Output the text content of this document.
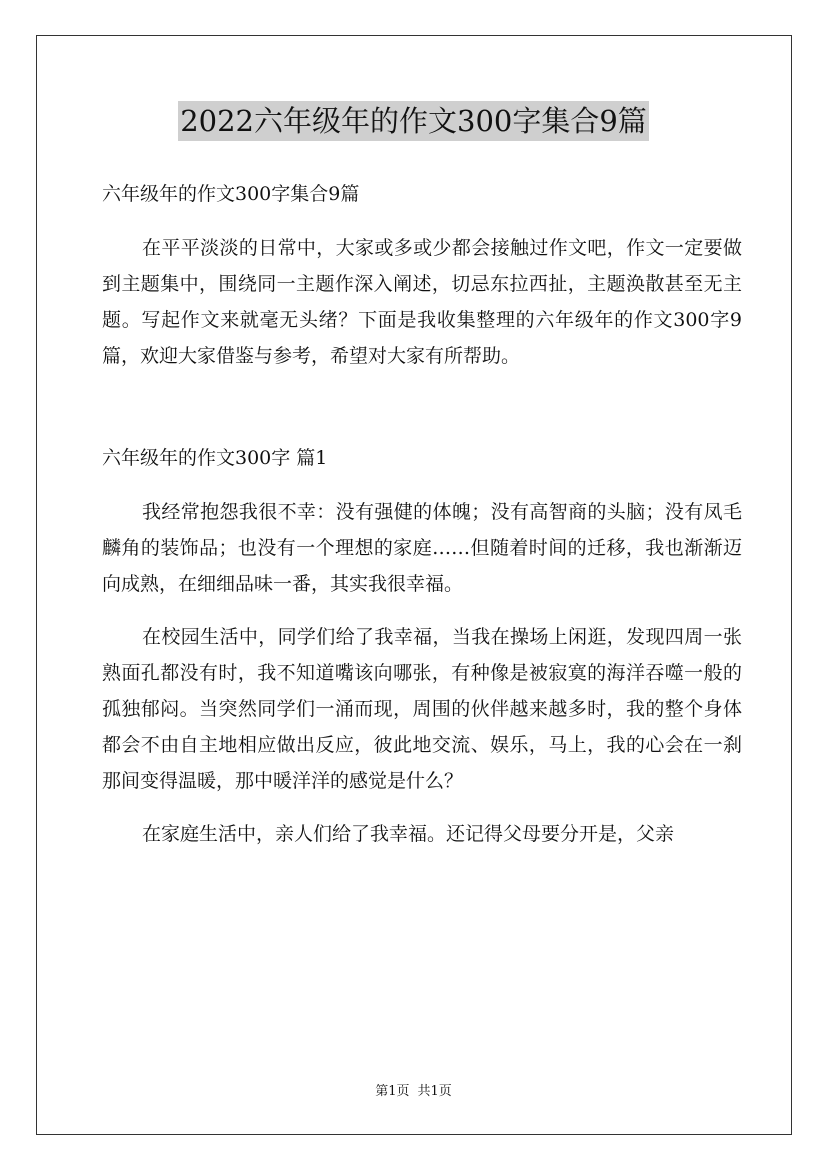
2022六年级年的作文300字集合9篇

六年级年的作文300字集合9篇

在平平淡淡的日常中，大家或多或少都会接触过作文吧，作文一定要做到主题集中，围绕同一主题作深入阐述，切忌东拉西扯，主题涣散甚至无主题。写起作文来就毫无头绪？下面是我收集整理的六年级年的作文300字9篇，欢迎大家借鉴与参考，希望对大家有所帮助。

六年级年的作文300字 篇1

我经常抱怨我很不幸：没有强健的体魄；没有高智商的头脑；没有凤毛麟角的装饰品；也没有一个理想的家庭……但随着时间的迁移，我也渐渐迈向成熟，在细细品味一番，其实我很幸福。

在校园生活中，同学们给了我幸福，当我在操场上闲逛，发现四周一张熟面孔都没有时，我不知道嘴该向哪张，有种像是被寂寞的海洋吞噬一般的孤独郁闷。当突然同学们一涌而现，周围的伙伴越来越多时，我的整个身体都会不由自主地相应做出反应，彼此地交流、娱乐，马上，我的心会在一刹那间变得温暖，那中暖洋洋的感觉是什么？

在家庭生活中，亲人们给了我幸福。还记得父母要分开是，父亲

第1页 共1页
